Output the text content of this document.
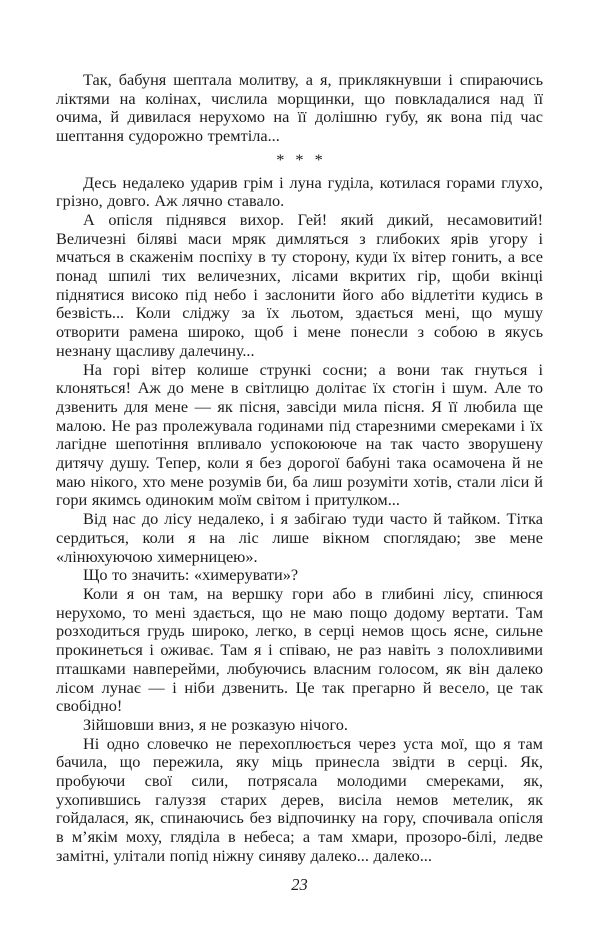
Так, бабуня шептала молитву, а я, приклякнувши і спираючись ліктями на колінах, числила морщинки, що повкладалися над її очима, й дивилася нерухомо на її долішню губу, як вона під час шептання судорожно тремтіла...

* * *

Десь недалеко ударив грім і луна гуділа, котилася горами глухо, грізно, довго. Аж лячно ставало.

А опісля піднявся вихор. Гей! який дикий, несамовитий! Величезні біляві маси мряк димляться з глибоких ярів угору і мчаться в скаженім поспіху в ту сторону, куди їх вітер гонить, а все понад шпилі тих величезних, лісами вкритих гір, щоби вкінці піднятися високо під небо і заслонити його або відлетіти кудись в безвість... Коли сліджу за їх льотом, здається мені, що мушу отворити рамена широко, щоб і мене понесли з собою в якусь незнану щасливу далечину...

На горі вітер колише стрункі сосни; а вони так гнуться і клоняться! Аж до мене в світлицю долітає їх стогін і шум. Але то дзвенить для мене — як пісня, завсіди мила пісня. Я її любила ще малою. Не раз пролежувала годинами під старезними смереками і їх лагідне шепотіння впливало успокоююче на так часто зворушену дитячу душу. Тепер, коли я без дорогої бабуні така осамочена й не маю нікого, хто мене розумів би, ба лиш розуміти хотів, стали ліси й гори якимсь одиноким моїм світом і притулком...

Від нас до лісу недалеко, і я забігаю туди часто й тайком. Тітка сердиться, коли я на ліс лише вікном споглядаю; зве мене «лінюхуючою химерницею».

Що то значить: «химерувати»?

Коли я он там, на вершку гори або в глибині лісу, спинюся нерухомо, то мені здається, що не маю пощо додому вертати. Там розходиться грудь широко, легко, в серці немов щось ясне, сильне прокинеться і оживає. Там я і співаю, не раз навіть з полохливими пташками навперейми, любуючись власним голосом, як він далеко лісом лунає — і ніби дзвенить. Це так прегарно й весело, це так свобідно!

Зійшовши вниз, я не розказую нічого.

Ні одно словечко не перехоплюється через уста мої, що я там бачила, що пережила, яку міць принесла звідти в серці. Як, пробуючи свої сили, потрясала молодими смереками, як, ухопившись галуззя старих дерев, висіла немов метелик, як гойдалася, як, спинаючись без відпочинку на гору, спочивала опісля в м’якім моху, гляділа в небеса; а там хмари, прозоро-білі, ледве замітні, улітали попід ніжну синяву далеко... далеко...

23
